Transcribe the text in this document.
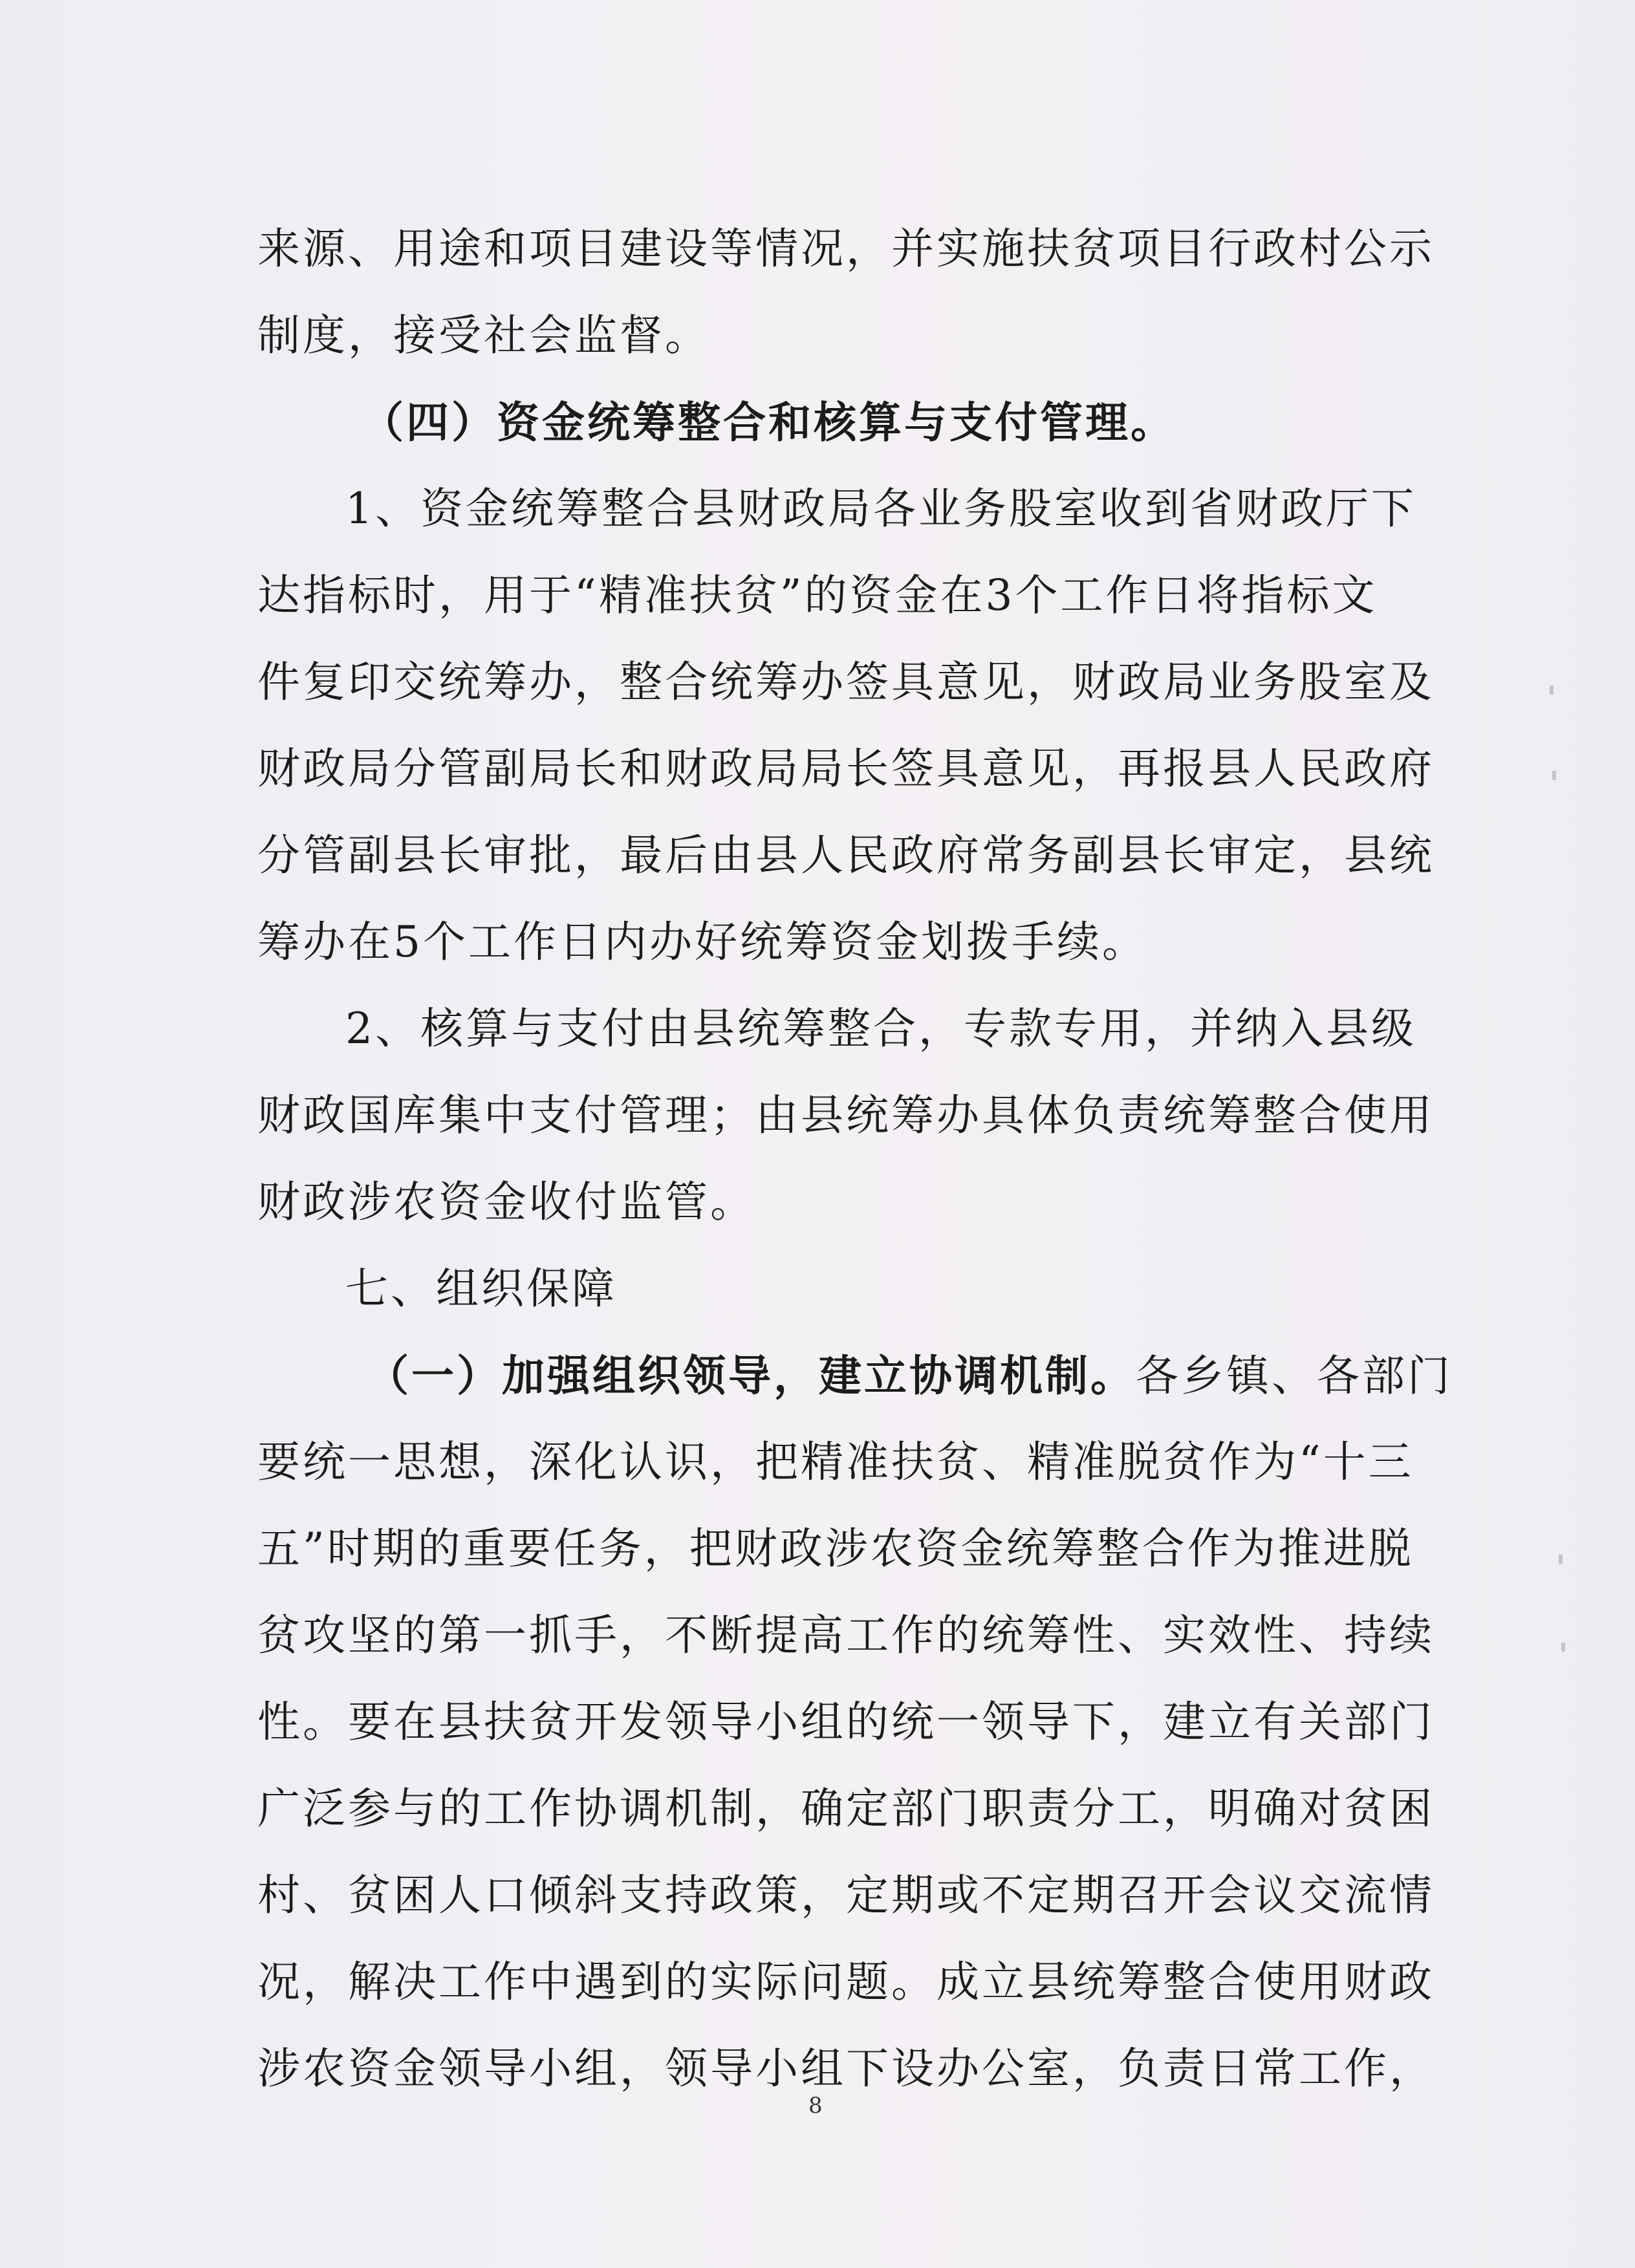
来源、用途和项目建设等情况，并实施扶贫项目行政村公示
制度，接受社会监督。
（四）资金统筹整合和核算与支付管理。
1、资金统筹整合县财政局各业务股室收到省财政厅下
达指标时，用于“精准扶贫”的资金在3个工作日将指标文
件复印交统筹办，整合统筹办签具意见，财政局业务股室及
财政局分管副局长和财政局局长签具意见，再报县人民政府
分管副县长审批，最后由县人民政府常务副县长审定，县统
筹办在5个工作日内办好统筹资金划拨手续。
2、核算与支付由县统筹整合，专款专用，并纳入县级
财政国库集中支付管理；由县统筹办具体负责统筹整合使用
财政涉农资金收付监管。
七、组织保障
（一）加强组织领导，建立协调机制。各乡镇、各部门
要统一思想，深化认识，把精准扶贫、精准脱贫作为“十三
五”时期的重要任务，把财政涉农资金统筹整合作为推进脱
贫攻坚的第一抓手，不断提高工作的统筹性、实效性、持续
性。要在县扶贫开发领导小组的统一领导下，建立有关部门
广泛参与的工作协调机制，确定部门职责分工，明确对贫困
村、贫困人口倾斜支持政策，定期或不定期召开会议交流情
况，解决工作中遇到的实际问题。成立县统筹整合使用财政
涉农资金领导小组，领导小组下设办公室，负责日常工作，
8
